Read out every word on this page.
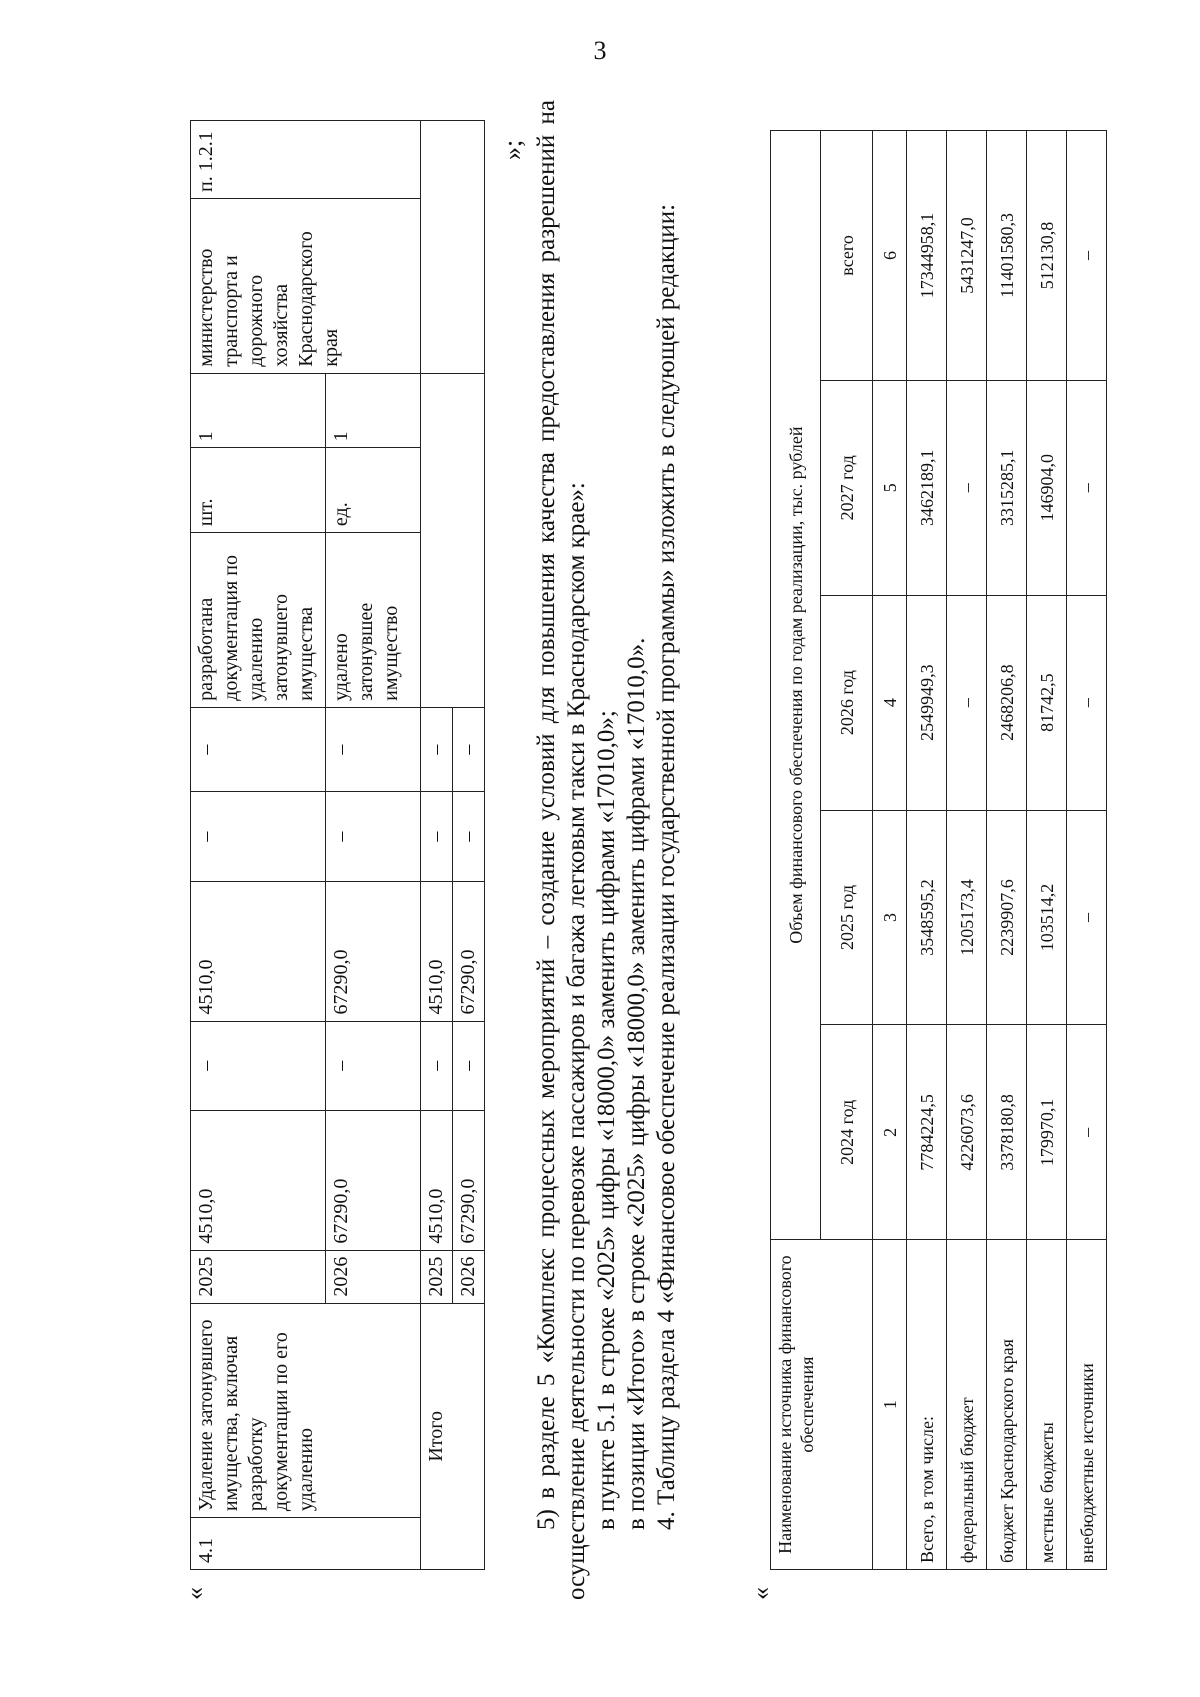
3
«
4.1	Удаление затонувшего имущества, включая разработку документации по его удалению	2025	4510,0	–	4510,0	–	–	разработана документация по удалению затонувшего имущества	шт.	1	министерство транспорта и дорожного хозяйства Краснодарского края	п. 1.2.1
		2026	67290,0	–	67290,0	–	–	удалено затонувшее имущество	ед.	1		
Итого		2025	4510,0	–	4510,0	–	–					
		2026	67290,0	–	67290,0	–	–					
»; 5) в разделе 5 «Комплекс процессных мероприятий – создание условий для повышения качества предоставления разрешений на осуществление деятельности по перевозке пассажиров и багажа легковым такси в Краснодарском крае»: в пункте 5.1 в строке «2025» цифры «18000,0» заменить цифрами «17010,0»; в позиции «Итого» в строке «2025» цифры «18000,0» заменить цифрами «17010,0». 4. Таблицу раздела 4 «Финансовое обеспечение реализации государственной программы» изложить в следующей редакции:

«
Наименование источника финансового обеспечения	Объем финансового обеспечения по годам реализации, тыс. рублей				
	2024 год	2025 год	2026 год	2027 год	всего
1	2	3	4	5	6
Всего, в том числе:	7784224,5	3548595,2	2549949,3	3462189,1	17344958,1
федеральный бюджет	4226073,6	1205173,4	–	–	5431247,0
бюджет Краснодарского края	3378180,8	2239907,6	2468206,8	3315285,1	11401580,3
местные бюджеты	179970,1	103514,2	81742,5	146904,0	512130,8
внебюджетные источники	–	–	–	–	–
